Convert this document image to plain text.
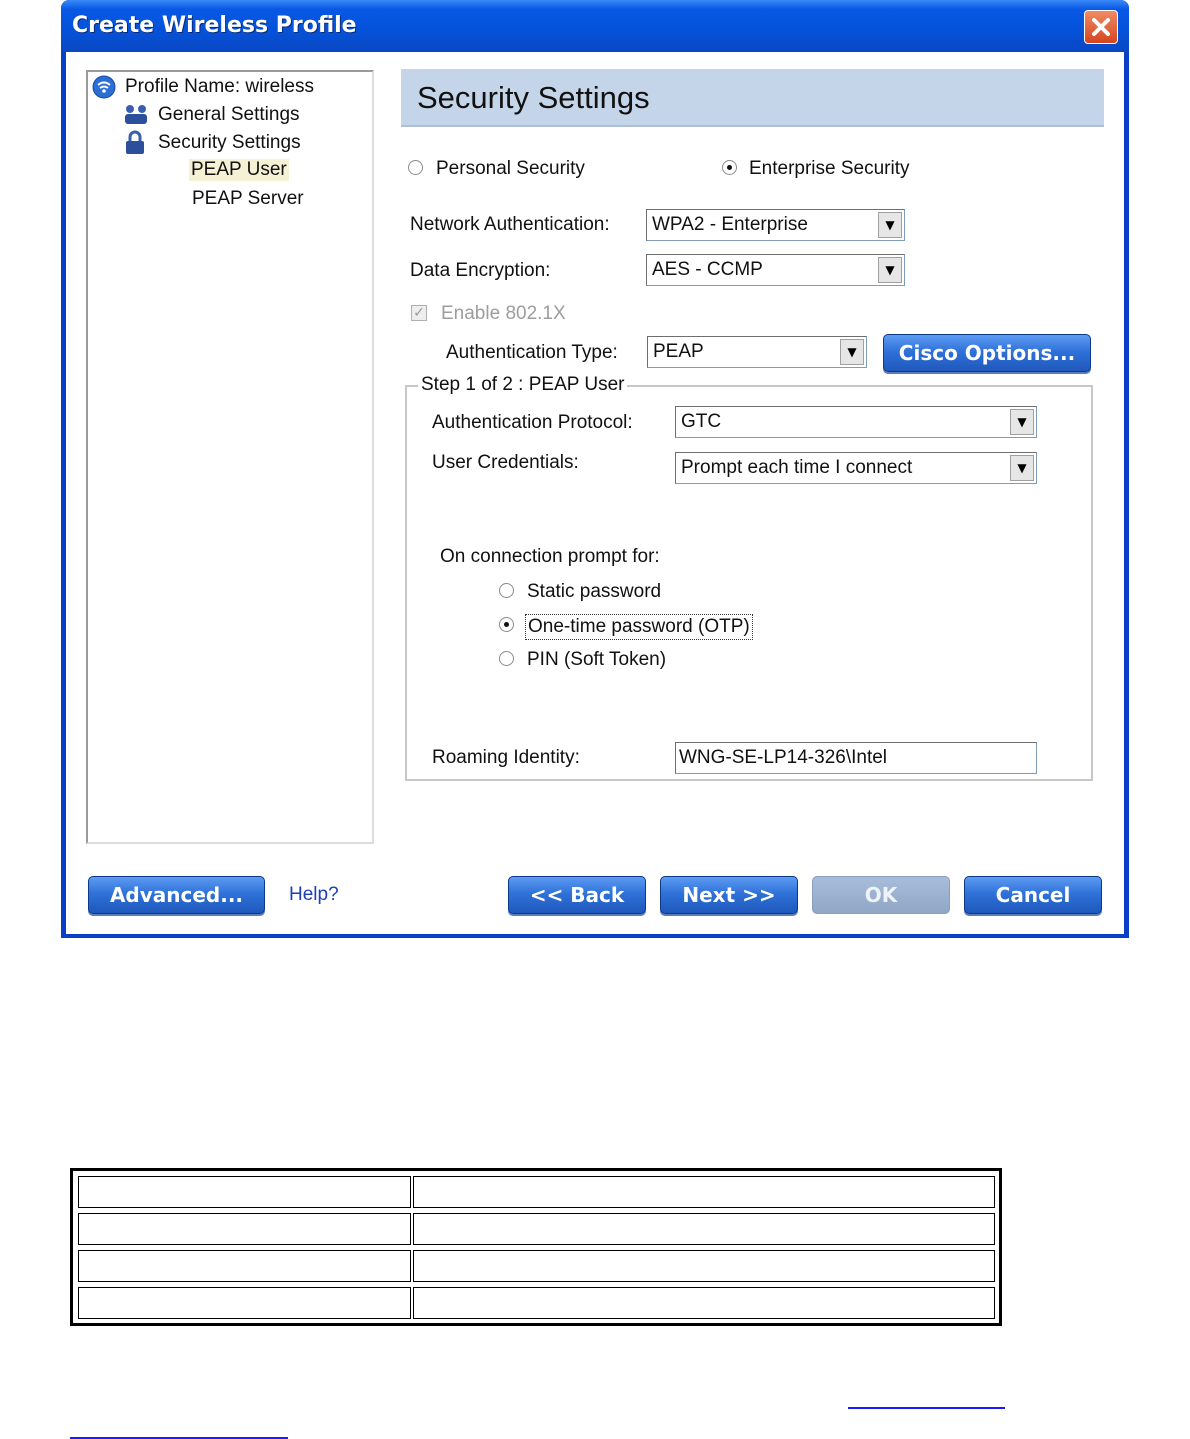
Create Wireless Profile
Profile Name: wireless
General Settings
Security Settings
PEAP User
PEAP Server
Security Settings
Personal Security	Enterprise Security
Network Authentication: WPA2 - Enterprise	▼
Data Encryption:	AES - CCMP	▼
✓ Enable 802.1X
Authentication Type: PEAP	▼	Cisco Options...
Step 1 of 2 : PEAP User
Authentication Protocol:	GTC	▼
User Credentials:	Prompt each time I connect	▼
On connection prompt for:
Static password
One-time password (OTP)
PIN (Soft Token)
Roaming Identity:	WNG-SE-LP14-326\Intel
Advanced...	Help?	<< Back	Next >>	OK	Cancel
